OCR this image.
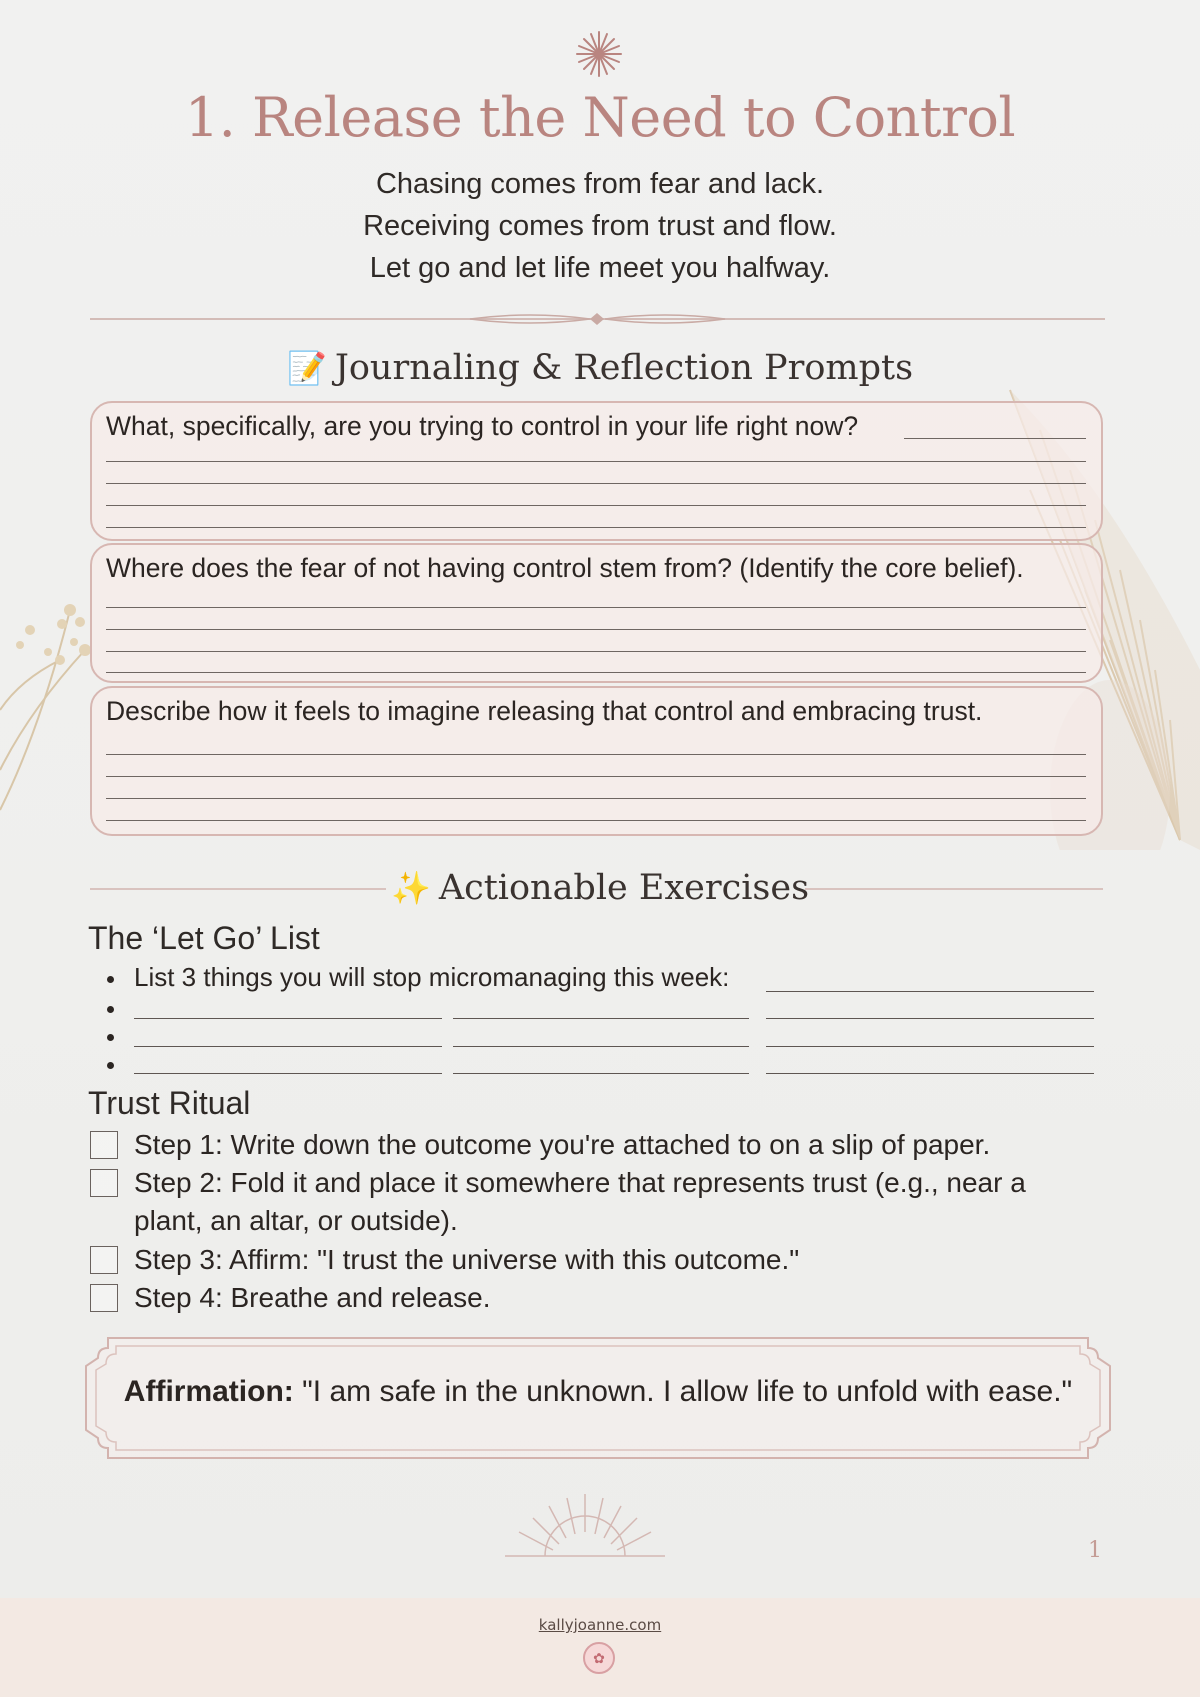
1. Release the Need to Control
Chasing comes from fear and lack.
Receiving comes from trust and flow.
Let go and let life meet you halfway.
📝 Journaling & Reflection Prompts
What, specifically, are you trying to control in your life right now?
Where does the fear of not having control stem from? (Identify the core belief).
Describe how it feels to imagine releasing that control and embracing trust.
✨ Actionable Exercises
The ‘Let Go’ List
List 3 things you will stop micromanaging this week:
Trust Ritual
Step 1: Write down the outcome you're attached to on a slip of paper.
Step 2: Fold it and place it somewhere that represents trust (e.g., near a plant, an altar, or outside).
Step 3: Affirm: "I trust the universe with this outcome."
Step 4: Breathe and release.
Affirmation: "I am safe in the unknown. I allow life to unfold with ease."
1
kallyjoanne.com
✿
